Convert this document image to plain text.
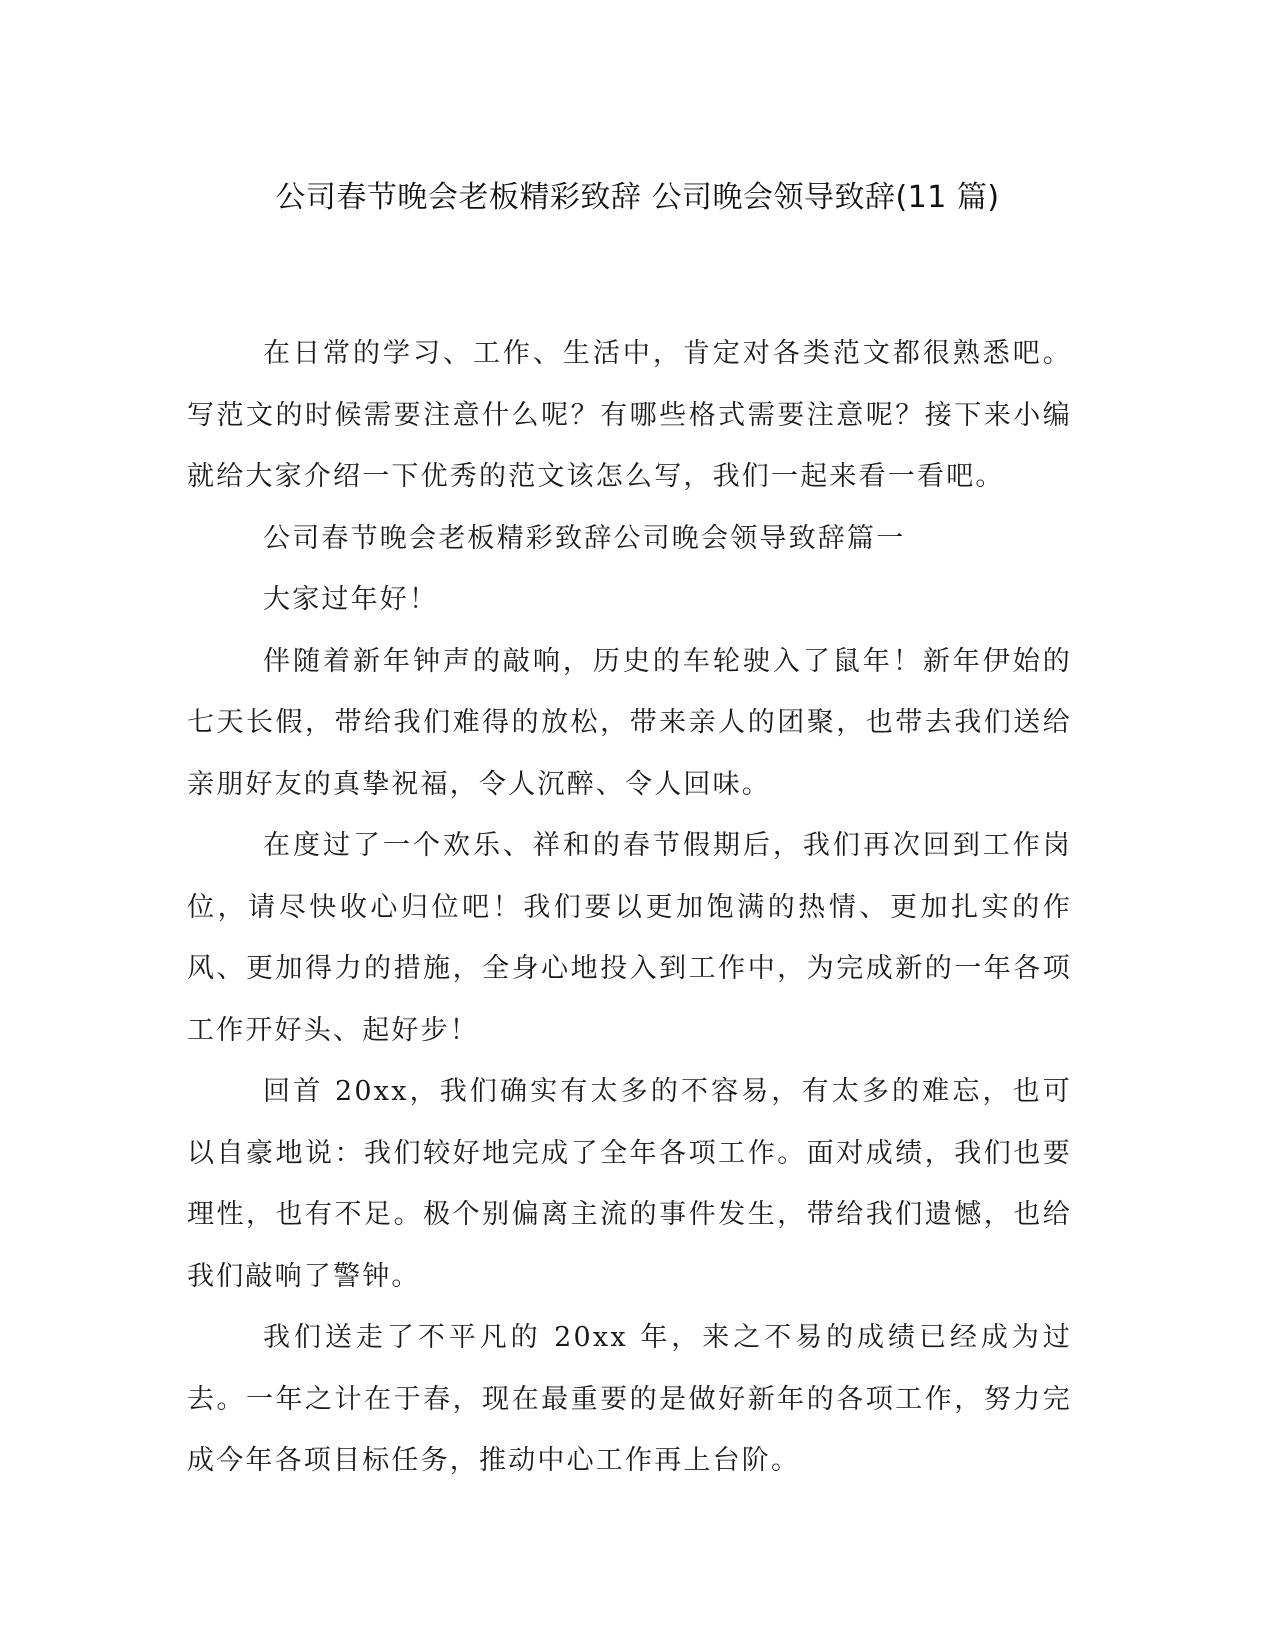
公司春节晚会老板精彩致辞 公司晚会领导致辞(11 篇)

在日常的学习、工作、生活中，肯定对各类范文都很熟悉吧。写范文的时候需要注意什么呢？有哪些格式需要注意呢？接下来小编就给大家介绍一下优秀的范文该怎么写，我们一起来看一看吧。

公司春节晚会老板精彩致辞公司晚会领导致辞篇一

大家过年好！

伴随着新年钟声的敲响，历史的车轮驶入了鼠年！新年伊始的七天长假，带给我们难得的放松，带来亲人的团聚，也带去我们送给亲朋好友的真挚祝福，令人沉醉、令人回味。

在度过了一个欢乐、祥和的春节假期后，我们再次回到工作岗位，请尽快收心归位吧！我们要以更加饱满的热情、更加扎实的作风、更加得力的措施，全身心地投入到工作中，为完成新的一年各项工作开好头、起好步！

回首 20xx，我们确实有太多的不容易，有太多的难忘，也可以自豪地说：我们较好地完成了全年各项工作。面对成绩，我们也要理性，也有不足。极个别偏离主流的事件发生，带给我们遗憾，也给我们敲响了警钟。

我们送走了不平凡的 20xx 年，来之不易的成绩已经成为过去。一年之计在于春，现在最重要的是做好新年的各项工作，努力完成今年各项目标任务，推动中心工作再上台阶。
